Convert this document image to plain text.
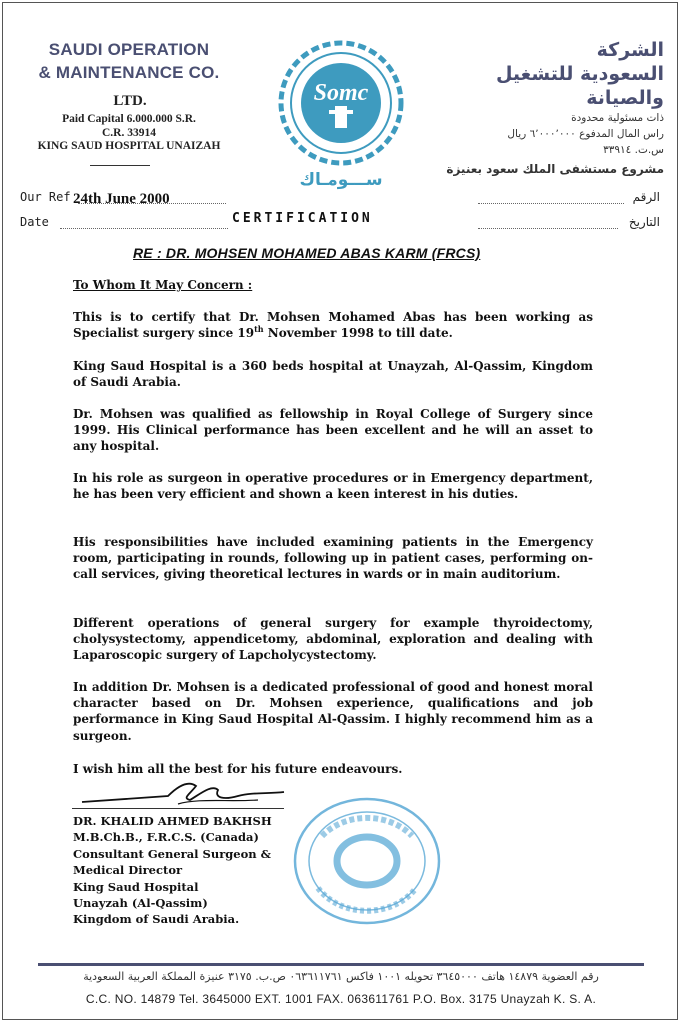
SAUDI OPERATION
& MAINTENANCE CO.
LTD.
Paid Capital 6.000.000 S.R.
C.R. 33914
KING SAUD HOSPITAL UNAIZAH
Somc
ســـومـاك
الشركة
السعودية للتشغيل والصيانة
ذات مسئولية محدودة
راس المال المدفوع ٦٬٠٠٠٬٠٠٠ ريال
س.ت. ٣٣٩١٤
مشروع مستشفى الملك سعود بعنيزة
Our Ref 24th June 2000
Date	CERTIFICATION
الرقم
التاريخ
RE : DR. MOHSEN MOHAMED ABAS KARM (FRCS)
To Whom It May Concern :
This is to certify that Dr. Mohsen Mohamed Abas has been working as Specialist surgery since 19th November 1998 to till date.
King Saud Hospital is a 360 beds hospital at Unayzah, Al-Qassim, Kingdom of Saudi Arabia.
Dr. Mohsen was qualified as fellowship in Royal College of Surgery since 1999. His Clinical performance has been excellent and he will an asset to any hospital.
In his role as surgeon in operative procedures or in Emergency department, he has been very efficient and shown a keen interest in his duties.
His responsibilities have included examining patients in the Emergency room, participating in rounds, following up in patient cases, performing on-call services, giving theoretical lectures in wards or in main auditorium.
Different operations of general surgery for example thyroidectomy, cholysystectomy, appendicetomy, abdominal, exploration and dealing with Laparoscopic surgery of Lapcholycystectomy.
In addition Dr. Mohsen is a dedicated professional of good and honest moral character based on Dr. Mohsen experience, qualifications and job performance in King Saud Hospital Al-Qassim. I highly recommend him as a surgeon.
I wish him all the best for his future endeavours.
DR. KHALID AHMED BAKHSH
M.B.Ch.B., F.R.C.S. (Canada)
Consultant General Surgeon &
Medical Director
King Saud Hospital
Unayzah (Al-Qassim)
Kingdom of Saudi Arabia.
رقم العضوية ١٤٨٧٩ هاتف ٣٦٤٥٠٠٠ تحويله ١٠٠١ فاكس ٠٦٣٦١١٧٦١ ص.ب. ٣١٧٥ عنيزة المملكة العربية السعودية
C.C. NO. 14879 Tel. 3645000 EXT. 1001 FAX. 063611761 P.O. Box. 3175 Unayzah K. S. A.
